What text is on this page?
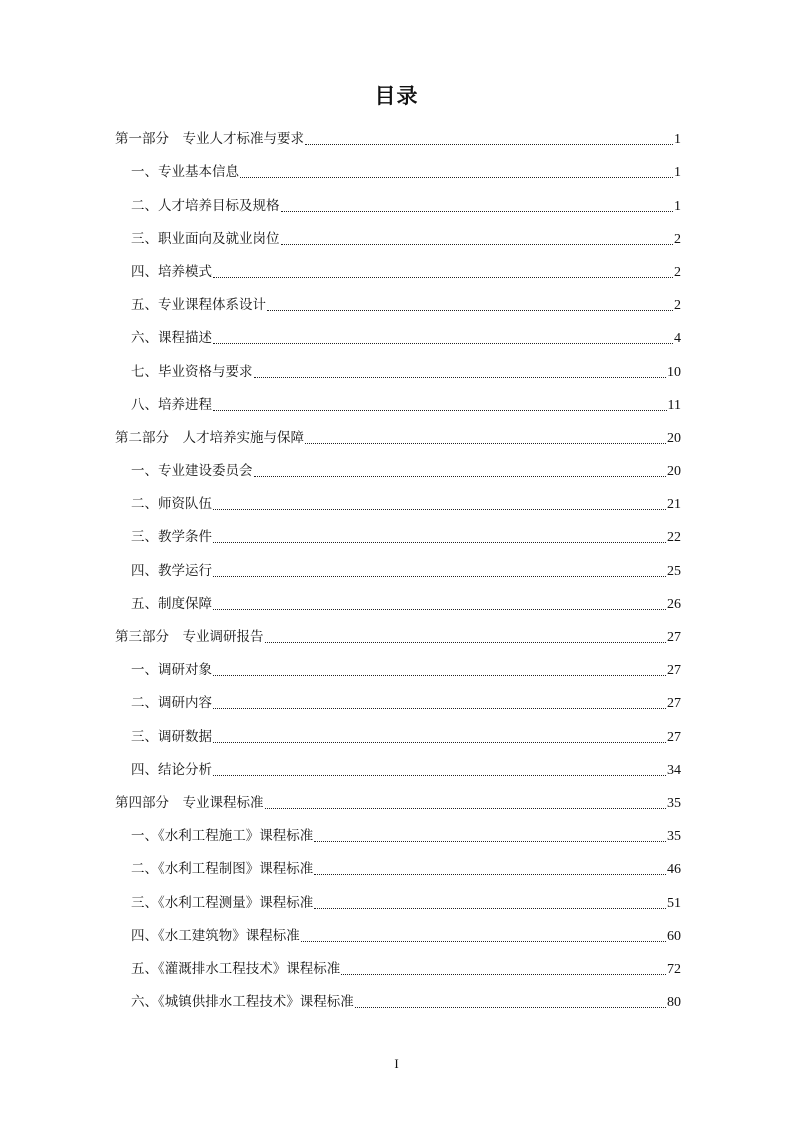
目录
第一部分　专业人才标准与要求	1
一、专业基本信息	1
二、人才培养目标及规格	1
三、职业面向及就业岗位	2
四、培养模式	2
五、专业课程体系设计	2
六、课程描述	4
七、毕业资格与要求	10
八、培养进程	11
第二部分　人才培养实施与保障	20
一、专业建设委员会	20
二、师资队伍	21
三、教学条件	22
四、教学运行	25
五、制度保障	26
第三部分　专业调研报告	27
一、调研对象	27
二、调研内容	27
三、调研数据	27
四、结论分析	34
第四部分　专业课程标准	35
一、《水利工程施工》课程标准	35
二、《水利工程制图》课程标准	46
三、《水利工程测量》课程标准	51
四、《水工建筑物》课程标准	60
五、《灌溉排水工程技术》课程标准	72
六、《城镇供排水工程技术》课程标准	80
I
